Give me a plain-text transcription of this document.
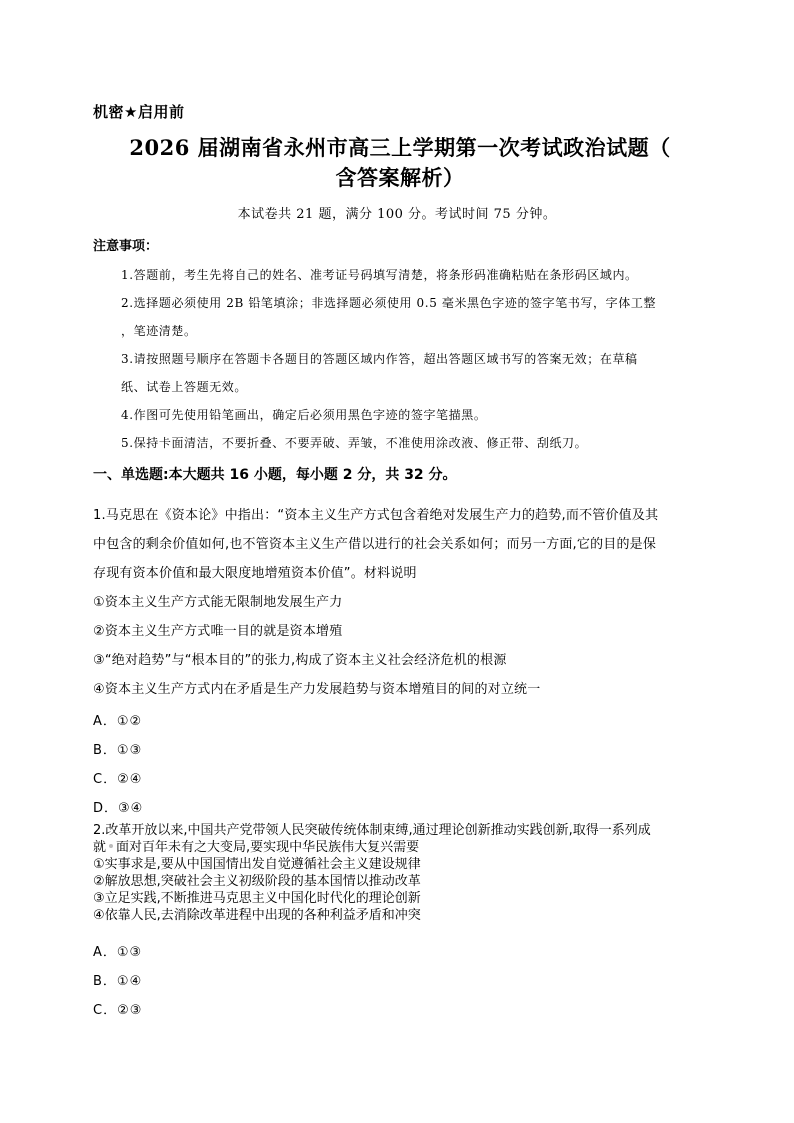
机密★启用前
2026 届湖南省永州市高三上学期第一次考试政治试题（
含答案解析）
本试卷共 21 题，满分 100 分。考试时间 75 分钟。
注意事项：
1.答题前，考生先将自己的姓名、准考证号码填写清楚，将条形码准确粘贴在条形码区域内。
2.选择题必须使用 2B 铅笔填涂；非选择题必须使用 0.5 毫米黑色字迹的签字笔书写，字体工整
，笔迹清楚。
3.请按照题号顺序在答题卡各题目的答题区域内作答，超出答题区域书写的答案无效；在草稿
纸、试卷上答题无效。
4.作图可先使用铅笔画出，确定后必须用黑色字迹的签字笔描黑。
5.保持卡面清洁，不要折叠、不要弄破、弄皱，不准使用涂改液、修正带、刮纸刀。
一、单选题:本大题共 16 小题，每小题 2 分，共 32 分。
1.马克思在《资本论》中指出：“资本主义生产方式包含着绝对发展生产力的趋势,而不管价值及其
中包含的剩余价值如何,也不管资本主义生产借以进行的社会关系如何；而另一方面,它的目的是保
存现有资本价值和最大限度地增殖资本价值”。材料说明
①资本主义生产方式能无限制地发展生产力
②资本主义生产方式唯一目的就是资本增殖
③“绝对趋势”与“根本目的”的张力,构成了资本主义社会经济危机的根源
④资本主义生产方式内在矛盾是生产力发展趋势与资本增殖目的间的对立统一
A．①②
B．①③
C．②④
D．③④
2.改革开放以来,中国共产党带领人民突破传统体制束缚,通过理论创新推动实践创新,取得一系列成
就 面对百年未有之大变局,要实现中华民族伟大复兴需要
①实事求是,要从中国国情出发自觉遵循社会主义建设规律
②解放思想,突破社会主义初级阶段的基本国情以推动改革
③立足实践,不断推进马克思主义中国化时代化的理论创新
④依靠人民,去消除改革进程中出现的各种利益矛盾和冲突
A．①③
B．①④
C．②③
